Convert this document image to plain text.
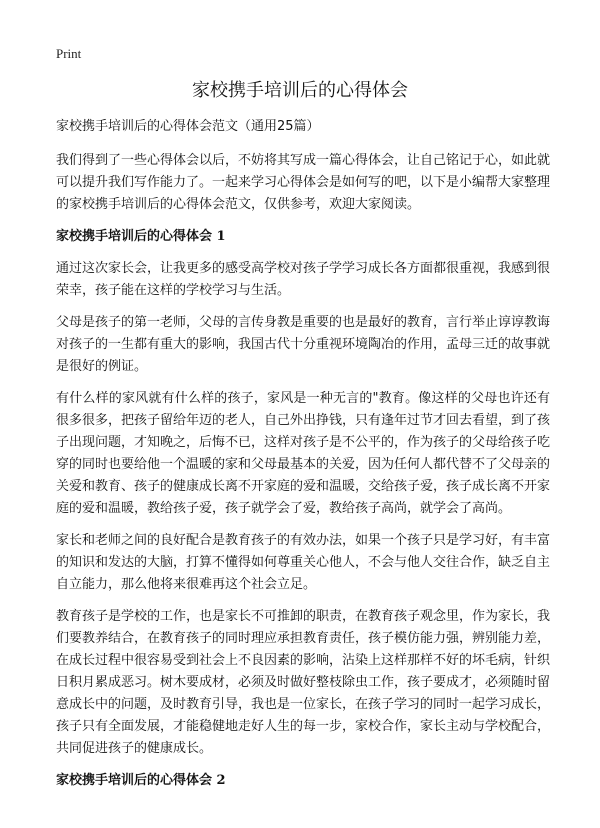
Print
家校携手培训后的心得体会

家校携手培训后的心得体会范文（通用25篇）

我们得到了一些心得体会以后，不妨将其写成一篇心得体会，让自己铭记于心，如此就可以提升我们写作能力了。一起来学习心得体会是如何写的吧，以下是小编帮大家整理的家校携手培训后的心得体会范文，仅供参考，欢迎大家阅读。

家校携手培训后的心得体会 1

通过这次家长会，让我更多的感受高学校对孩子学学习成长各方面都很重视，我感到很荣幸，孩子能在这样的学校学习与生活。

父母是孩子的第一老师，父母的言传身教是重要的也是最好的教育，言行举止谆谆教诲对孩子的一生都有重大的影响，我国古代十分重视环境陶冶的作用，孟母三迁的故事就是很好的例证。

有什么样的家风就有什么样的孩子，家风是一种无言的"教育。像这样的父母也许还有很多很多，把孩子留给年迈的老人，自己外出挣钱，只有逢年过节才回去看望，到了孩子出现问题，才知晚之，后悔不已，这样对孩子是不公平的，作为孩子的父母给孩子吃穿的同时也要给他一个温暖的家和父母最基本的关爱，因为任何人都代替不了父母亲的关爱和教育、孩子的健康成长离不开家庭的爱和温暖，交给孩子爱，孩子成长离不开家庭的爱和温暖，教给孩子爱，孩子就学会了爱，教给孩子高尚，就学会了高尚。

家长和老师之间的良好配合是教育孩子的有效办法，如果一个孩子只是学习好，有丰富的知识和发达的大脑，打算不懂得如何尊重关心他人，不会与他人交往合作，缺乏自主自立能力，那么他将来很难再这个社会立足。

教育孩子是学校的工作，也是家长不可推卸的职责，在教育孩子观念里，作为家长，我们要教养结合，在教育孩子的同时理应承担教育责任，孩子模仿能力强，辨别能力差，在成长过程中很容易受到社会上不良因素的影响，沾染上这样那样不好的坏毛病，针织日积月累成恶习。树木要成材，必须及时做好整枝除虫工作，孩子要成才，必须随时留意成长中的问题，及时教育引导，我也是一位家长，在孩子学习的同时一起学习成长，孩子只有全面发展，才能稳健地走好人生的每一步，家校合作，家长主动与学校配合，共同促进孩子的健康成长。

家校携手培训后的心得体会 2
